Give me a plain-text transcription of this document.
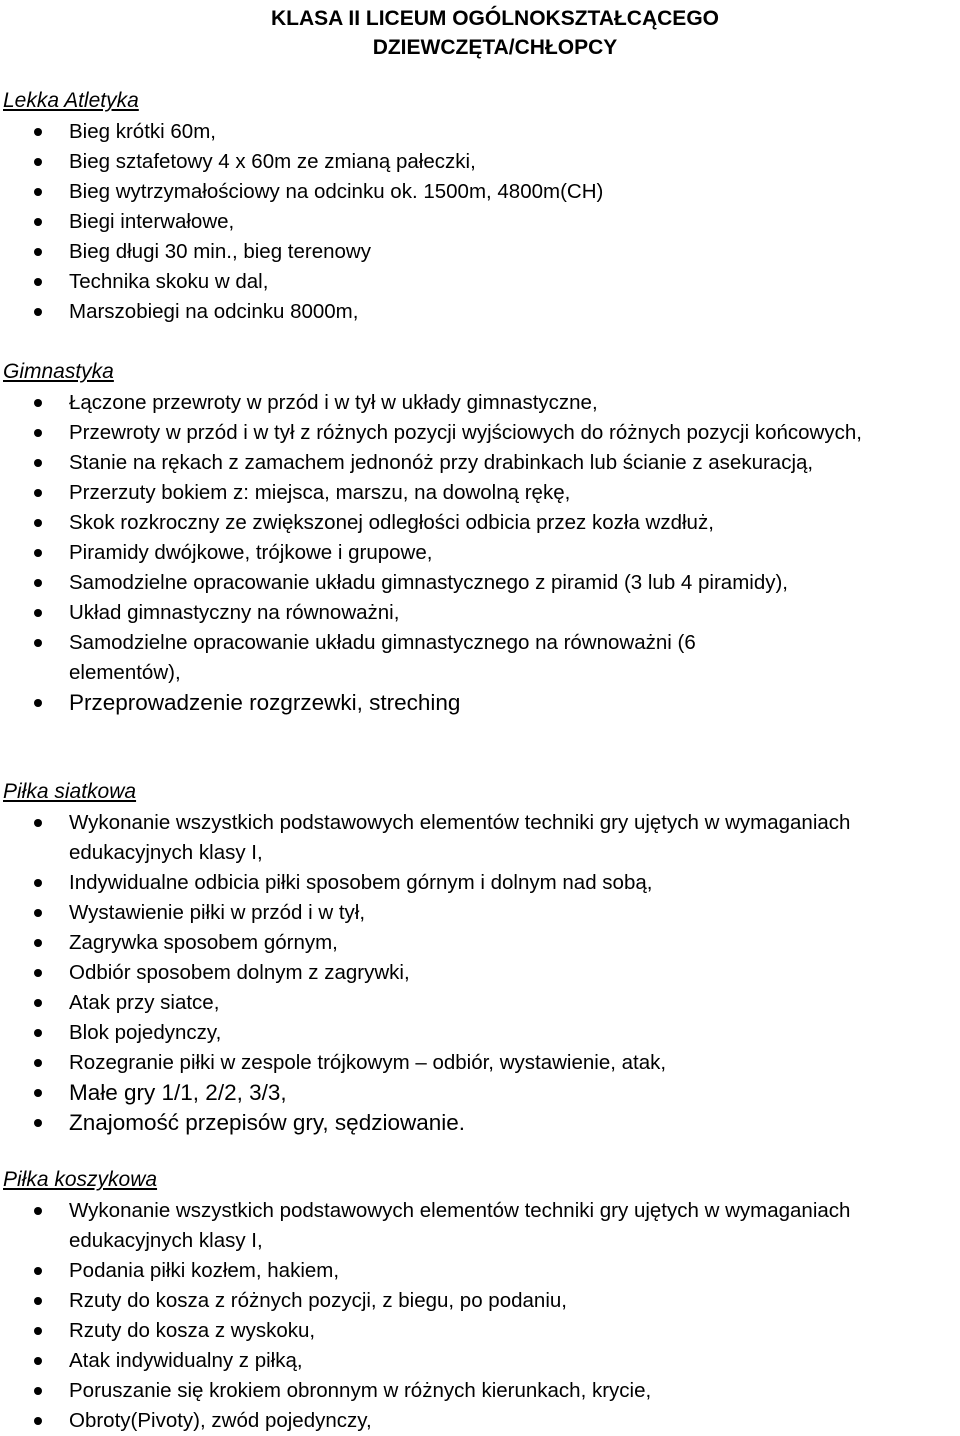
KLASA II LICEUM OGÓLNOKSZTAŁCĄCEGO
DZIEWCZĘTA/CHŁOPCY

Lekka Atletyka

Bieg krótki 60m,
Bieg sztafetowy 4 x 60m ze zmianą pałeczki,
Bieg wytrzymałościowy na odcinku ok. 1500m, 4800m(CH)
Biegi interwałowe,
Bieg długi 30 min., bieg terenowy
Technika skoku w dal,
Marszobiegi na odcinku 8000m,

Gimnastyka

Łączone przewroty w przód i w tył w układy gimnastyczne,
Przewroty w przód i w tył z różnych pozycji wyjściowych do różnych pozycji końcowych,
Stanie na rękach z zamachem jednonóż przy drabinkach lub ścianie z asekuracją,
Przerzuty bokiem z: miejsca, marszu, na dowolną rękę,
Skok rozkroczny ze zwiększonej odległości odbicia przez kozła wzdłuż,
Piramidy dwójkowe, trójkowe i grupowe,
Samodzielne opracowanie układu gimnastycznego z piramid (3 lub 4 piramidy),
Układ gimnastyczny na równoważni,
Samodzielne opracowanie układu gimnastycznego na równoważni (6 elementów),
Przeprowadzenie rozgrzewki, streching

Piłka siatkowa

Wykonanie wszystkich podstawowych elementów techniki gry ujętych w wymaganiach edukacyjnych klasy I,
Indywidualne odbicia piłki sposobem górnym i dolnym nad sobą,
Wystawienie piłki w przód i w tył,
Zagrywka sposobem górnym,
Odbiór sposobem dolnym z zagrywki,
Atak przy siatce,
Blok pojedynczy,
Rozegranie piłki w zespole trójkowym – odbiór, wystawienie, atak,
Małe gry 1/1, 2/2, 3/3,
Znajomość przepisów gry, sędziowanie.

Piłka koszykowa

Wykonanie wszystkich podstawowych elementów techniki gry ujętych w wymaganiach edukacyjnych klasy I,
Podania piłki kozłem, hakiem,
Rzuty do kosza z różnych pozycji, z biegu, po podaniu,
Rzuty do kosza z wyskoku,
Atak indywidualny z piłką,
Poruszanie się krokiem obronnym w różnych kierunkach, krycie,
Obroty(Pivoty), zwód pojedynczy,
